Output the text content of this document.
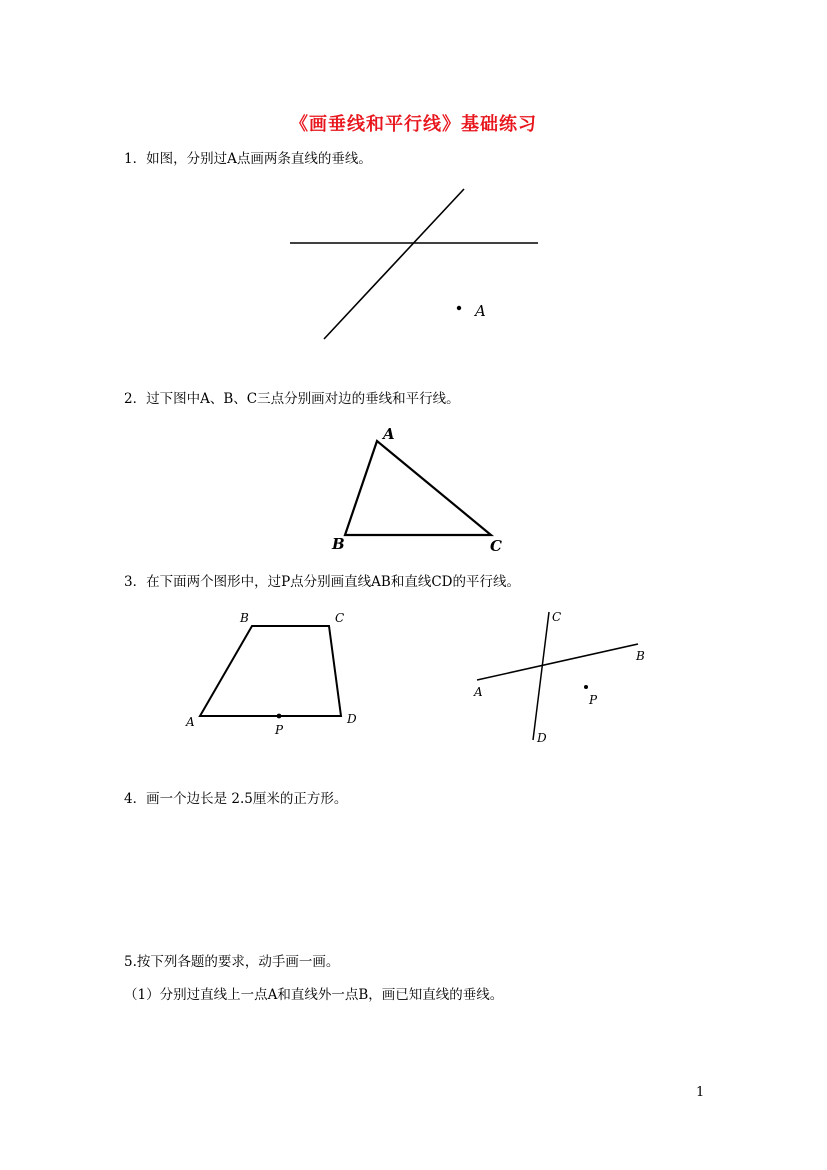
《画垂线和平行线》基础练习
1．如图，分别过A点画两条直线的垂线。
A
2．过下图中A、B、C三点分别画对边的垂线和平行线。
A
B	C
3．在下面两个图形中，过P点分别画直线AB和直线CD的平行线。
B	C
A	D
P
C
D
A
B
P
4．画一个边长是 2.5厘米的正方形。
5.按下列各题的要求，动手画一画。
（1）分别过直线上一点A和直线外一点B，画已知直线的垂线。
1
